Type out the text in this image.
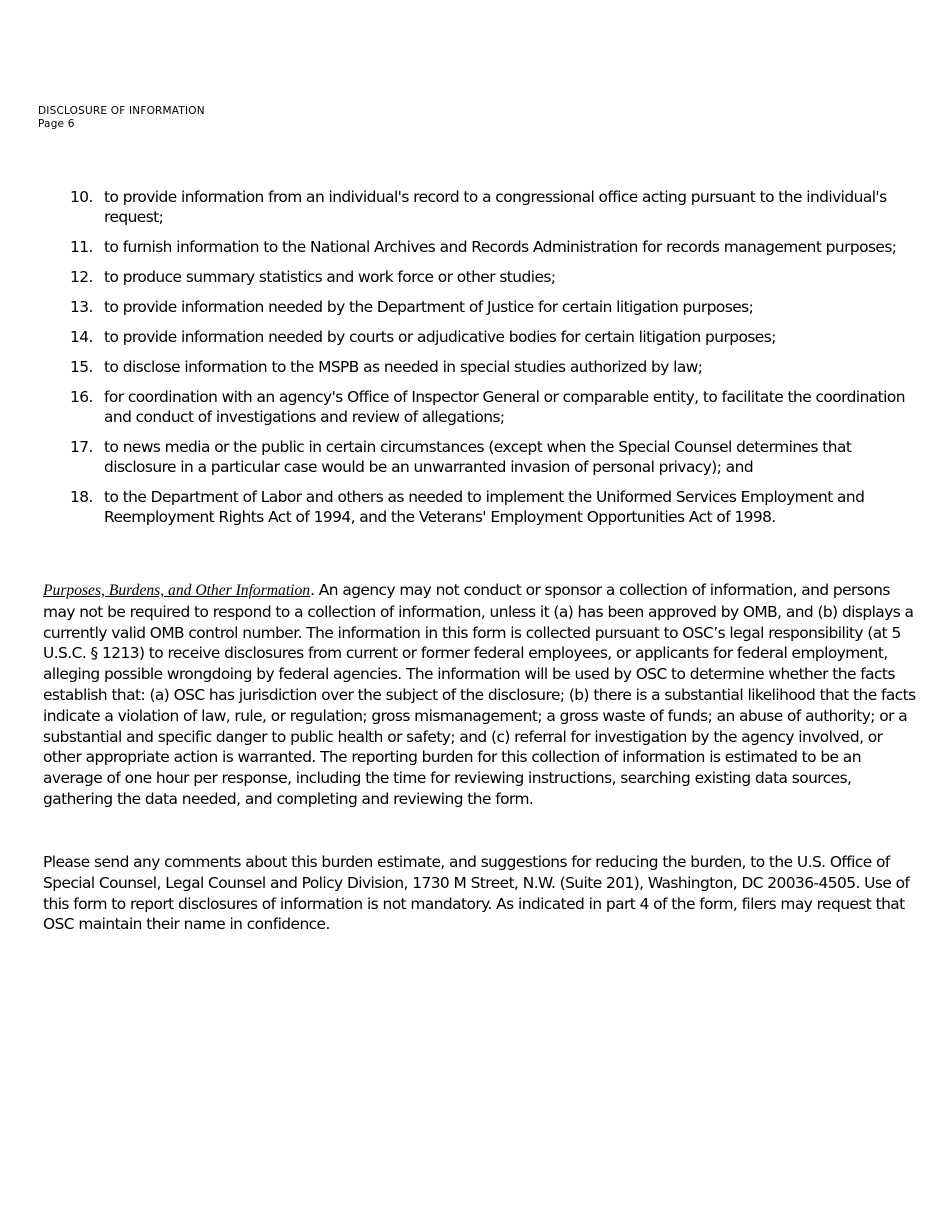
DISCLOSURE OF INFORMATION
Page 6
10. to provide information from an individual's record to a congressional office acting pursuant to the individual's request;
11. to furnish information to the National Archives and Records Administration for records management purposes;
12. to produce summary statistics and work force or other studies;
13. to provide information needed by the Department of Justice for certain litigation purposes;
14. to provide information needed by courts or adjudicative bodies for certain litigation purposes;
15. to disclose information to the MSPB as needed in special studies authorized by law;
16. for coordination with an agency's Office of Inspector General or comparable entity, to facilitate the coordination and conduct of investigations and review of allegations;
17. to news media or the public in certain circumstances (except when the Special Counsel determines that disclosure in a particular case would be an unwarranted invasion of personal privacy); and
18. to the Department of Labor and others as needed to implement the Uniformed Services Employment and Reemployment Rights Act of 1994, and the Veterans' Employment Opportunities Act of 1998.

Purposes, Burdens, and Other Information. An agency may not conduct or sponsor a collection of information, and persons may not be required to respond to a collection of information, unless it (a) has been approved by OMB, and (b) displays a currently valid OMB control number. The information in this form is collected pursuant to OSC’s legal responsibility (at 5 U.S.C. § 1213) to receive disclosures from current or former federal employees, or applicants for federal employment, alleging possible wrongdoing by federal agencies. The information will be used by OSC to determine whether the facts establish that: (a) OSC has jurisdiction over the subject of the disclosure; (b) there is a substantial likelihood that the facts indicate a violation of law, rule, or regulation; gross mismanagement; a gross waste of funds; an abuse of authority; or a substantial and specific danger to public health or safety; and (c) referral for investigation by the agency involved, or other appropriate action is warranted. The reporting burden for this collection of information is estimated to be an average of one hour per response, including the time for reviewing instructions, searching existing data sources, gathering the data needed, and completing and reviewing the form.

Please send any comments about this burden estimate, and suggestions for reducing the burden, to the U.S. Office of Special Counsel, Legal Counsel and Policy Division, 1730 M Street, N.W. (Suite 201), Washington, DC 20036-4505. Use of this form to report disclosures of information is not mandatory. As indicated in part 4 of the form, filers may request that OSC maintain their name in confidence.
